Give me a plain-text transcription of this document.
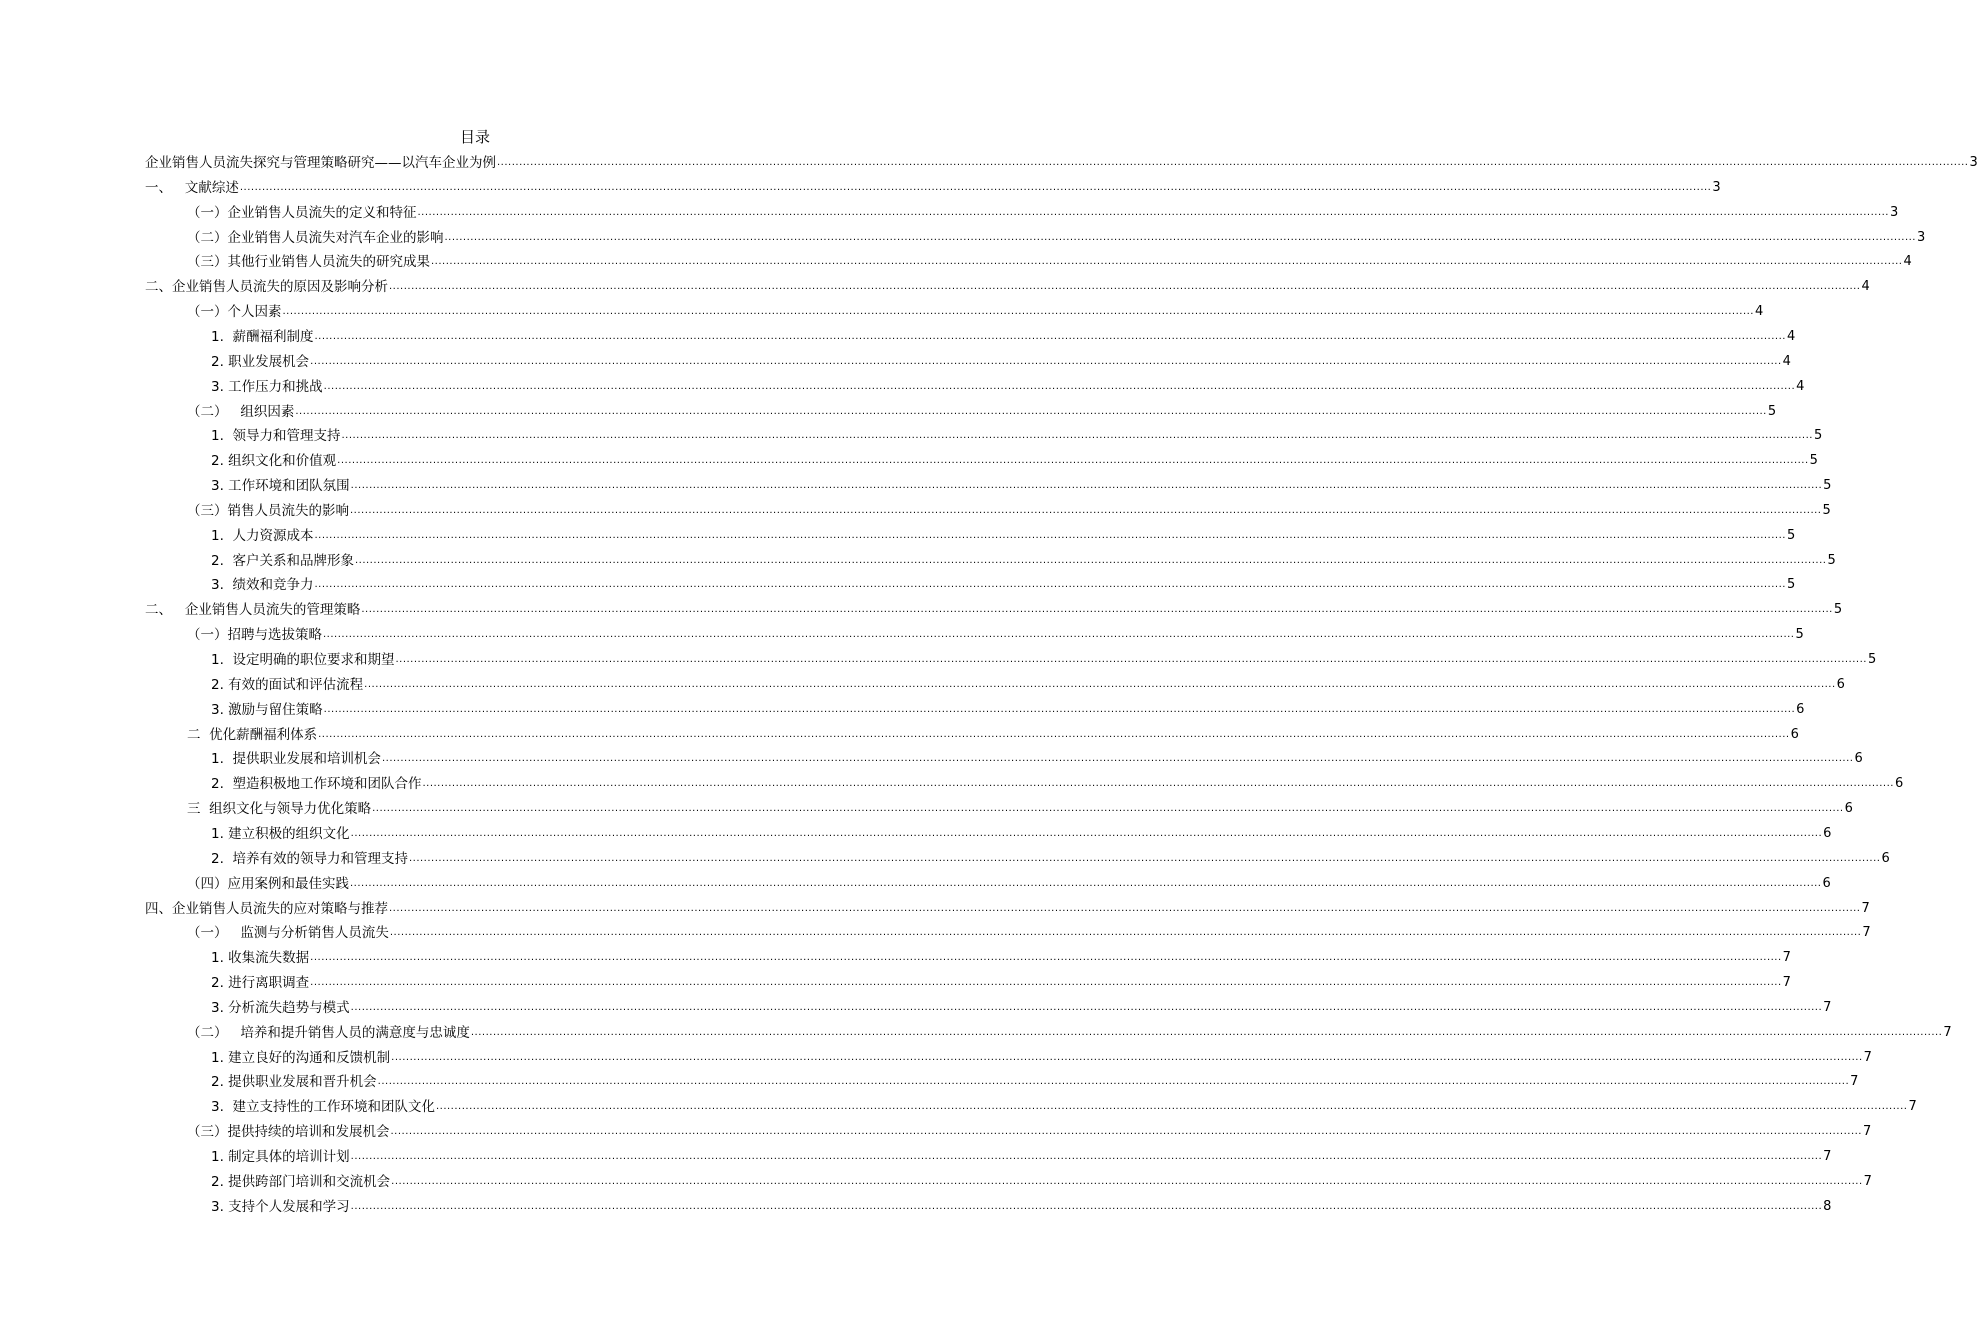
目录
企业销售人员流失探究与管理策略研究——以汽车企业为例 ................................................................................................................................................................................................................................................................................................................................................................................................................ 3
一、   文献综述 ................................................................................................................................................................................................................................................................................................................................................................................................................ 3
（一）企业销售人员流失的定义和特征 ................................................................................................................................................................................................................................................................................................................................................................................................................ 3
（二）企业销售人员流失对汽车企业的影响 ................................................................................................................................................................................................................................................................................................................................................................................................................ 3
（三）其他行业销售人员流失的研究成果 ................................................................................................................................................................................................................................................................................................................................................................................................................ 4
二、企业销售人员流失的原因及影响分析 ................................................................................................................................................................................................................................................................................................................................................................................................................ 4
（一）个人因素 ................................................................................................................................................................................................................................................................................................................................................................................................................ 4
1.  薪酬福利制度 ................................................................................................................................................................................................................................................................................................................................................................................................................ 4
2. 职业发展机会 ................................................................................................................................................................................................................................................................................................................................................................................................................ 4
3. 工作压力和挑战 ................................................................................................................................................................................................................................................................................................................................................................................................................ 4
（二）   组织因素 ................................................................................................................................................................................................................................................................................................................................................................................................................ 5
1.  领导力和管理支持 ................................................................................................................................................................................................................................................................................................................................................................................................................ 5
2. 组织文化和价值观 ................................................................................................................................................................................................................................................................................................................................................................................................................ 5
3. 工作环境和团队氛围 ................................................................................................................................................................................................................................................................................................................................................................................................................ 5
（三）销售人员流失的影响 ................................................................................................................................................................................................................................................................................................................................................................................................................ 5
1.  人力资源成本 ................................................................................................................................................................................................................................................................................................................................................................................................................ 5
2.  客户关系和品牌形象 ................................................................................................................................................................................................................................................................................................................................................................................................................ 5
3.  绩效和竞争力 ................................................................................................................................................................................................................................................................................................................................................................................................................ 5
二、   企业销售人员流失的管理策略 ................................................................................................................................................................................................................................................................................................................................................................................................................ 5
（一）招聘与选拔策略 ................................................................................................................................................................................................................................................................................................................................................................................................................ 5
1.  设定明确的职位要求和期望 ................................................................................................................................................................................................................................................................................................................................................................................................................ 5
2. 有效的面试和评估流程 ................................................................................................................................................................................................................................................................................................................................................................................................................ 6
3. 激励与留住策略 ................................................................................................................................................................................................................................................................................................................................................................................................................ 6
二  优化薪酬福利体系 ................................................................................................................................................................................................................................................................................................................................................................................................................ 6
1.  提供职业发展和培训机会 ................................................................................................................................................................................................................................................................................................................................................................................................................ 6
2.  塑造积极地工作环境和团队合作 ................................................................................................................................................................................................................................................................................................................................................................................................................ 6
三  组织文化与领导力优化策略 ................................................................................................................................................................................................................................................................................................................................................................................................................ 6
1. 建立积极的组织文化 ................................................................................................................................................................................................................................................................................................................................................................................................................ 6
2.  培养有效的领导力和管理支持 ................................................................................................................................................................................................................................................................................................................................................................................................................ 6
（四）应用案例和最佳实践 ................................................................................................................................................................................................................................................................................................................................................................................................................ 6
四、企业销售人员流失的应对策略与推荐 ................................................................................................................................................................................................................................................................................................................................................................................................................ 7
（一）   监测与分析销售人员流失 ................................................................................................................................................................................................................................................................................................................................................................................................................ 7
1. 收集流失数据 ................................................................................................................................................................................................................................................................................................................................................................................................................ 7
2. 进行离职调查 ................................................................................................................................................................................................................................................................................................................................................................................................................ 7
3. 分析流失趋势与模式 ................................................................................................................................................................................................................................................................................................................................................................................................................ 7
（二）   培养和提升销售人员的满意度与忠诚度 ................................................................................................................................................................................................................................................................................................................................................................................................................ 7
1. 建立良好的沟通和反馈机制 ................................................................................................................................................................................................................................................................................................................................................................................................................ 7
2. 提供职业发展和晋升机会 ................................................................................................................................................................................................................................................................................................................................................................................................................ 7
3.  建立支持性的工作环境和团队文化 ................................................................................................................................................................................................................................................................................................................................................................................................................ 7
（三）提供持续的培训和发展机会 ................................................................................................................................................................................................................................................................................................................................................................................................................ 7
1. 制定具体的培训计划 ................................................................................................................................................................................................................................................................................................................................................................................................................ 7
2. 提供跨部门培训和交流机会 ................................................................................................................................................................................................................................................................................................................................................................................................................ 7
3. 支持个人发展和学习 ................................................................................................................................................................................................................................................................................................................................................................................................................ 8
